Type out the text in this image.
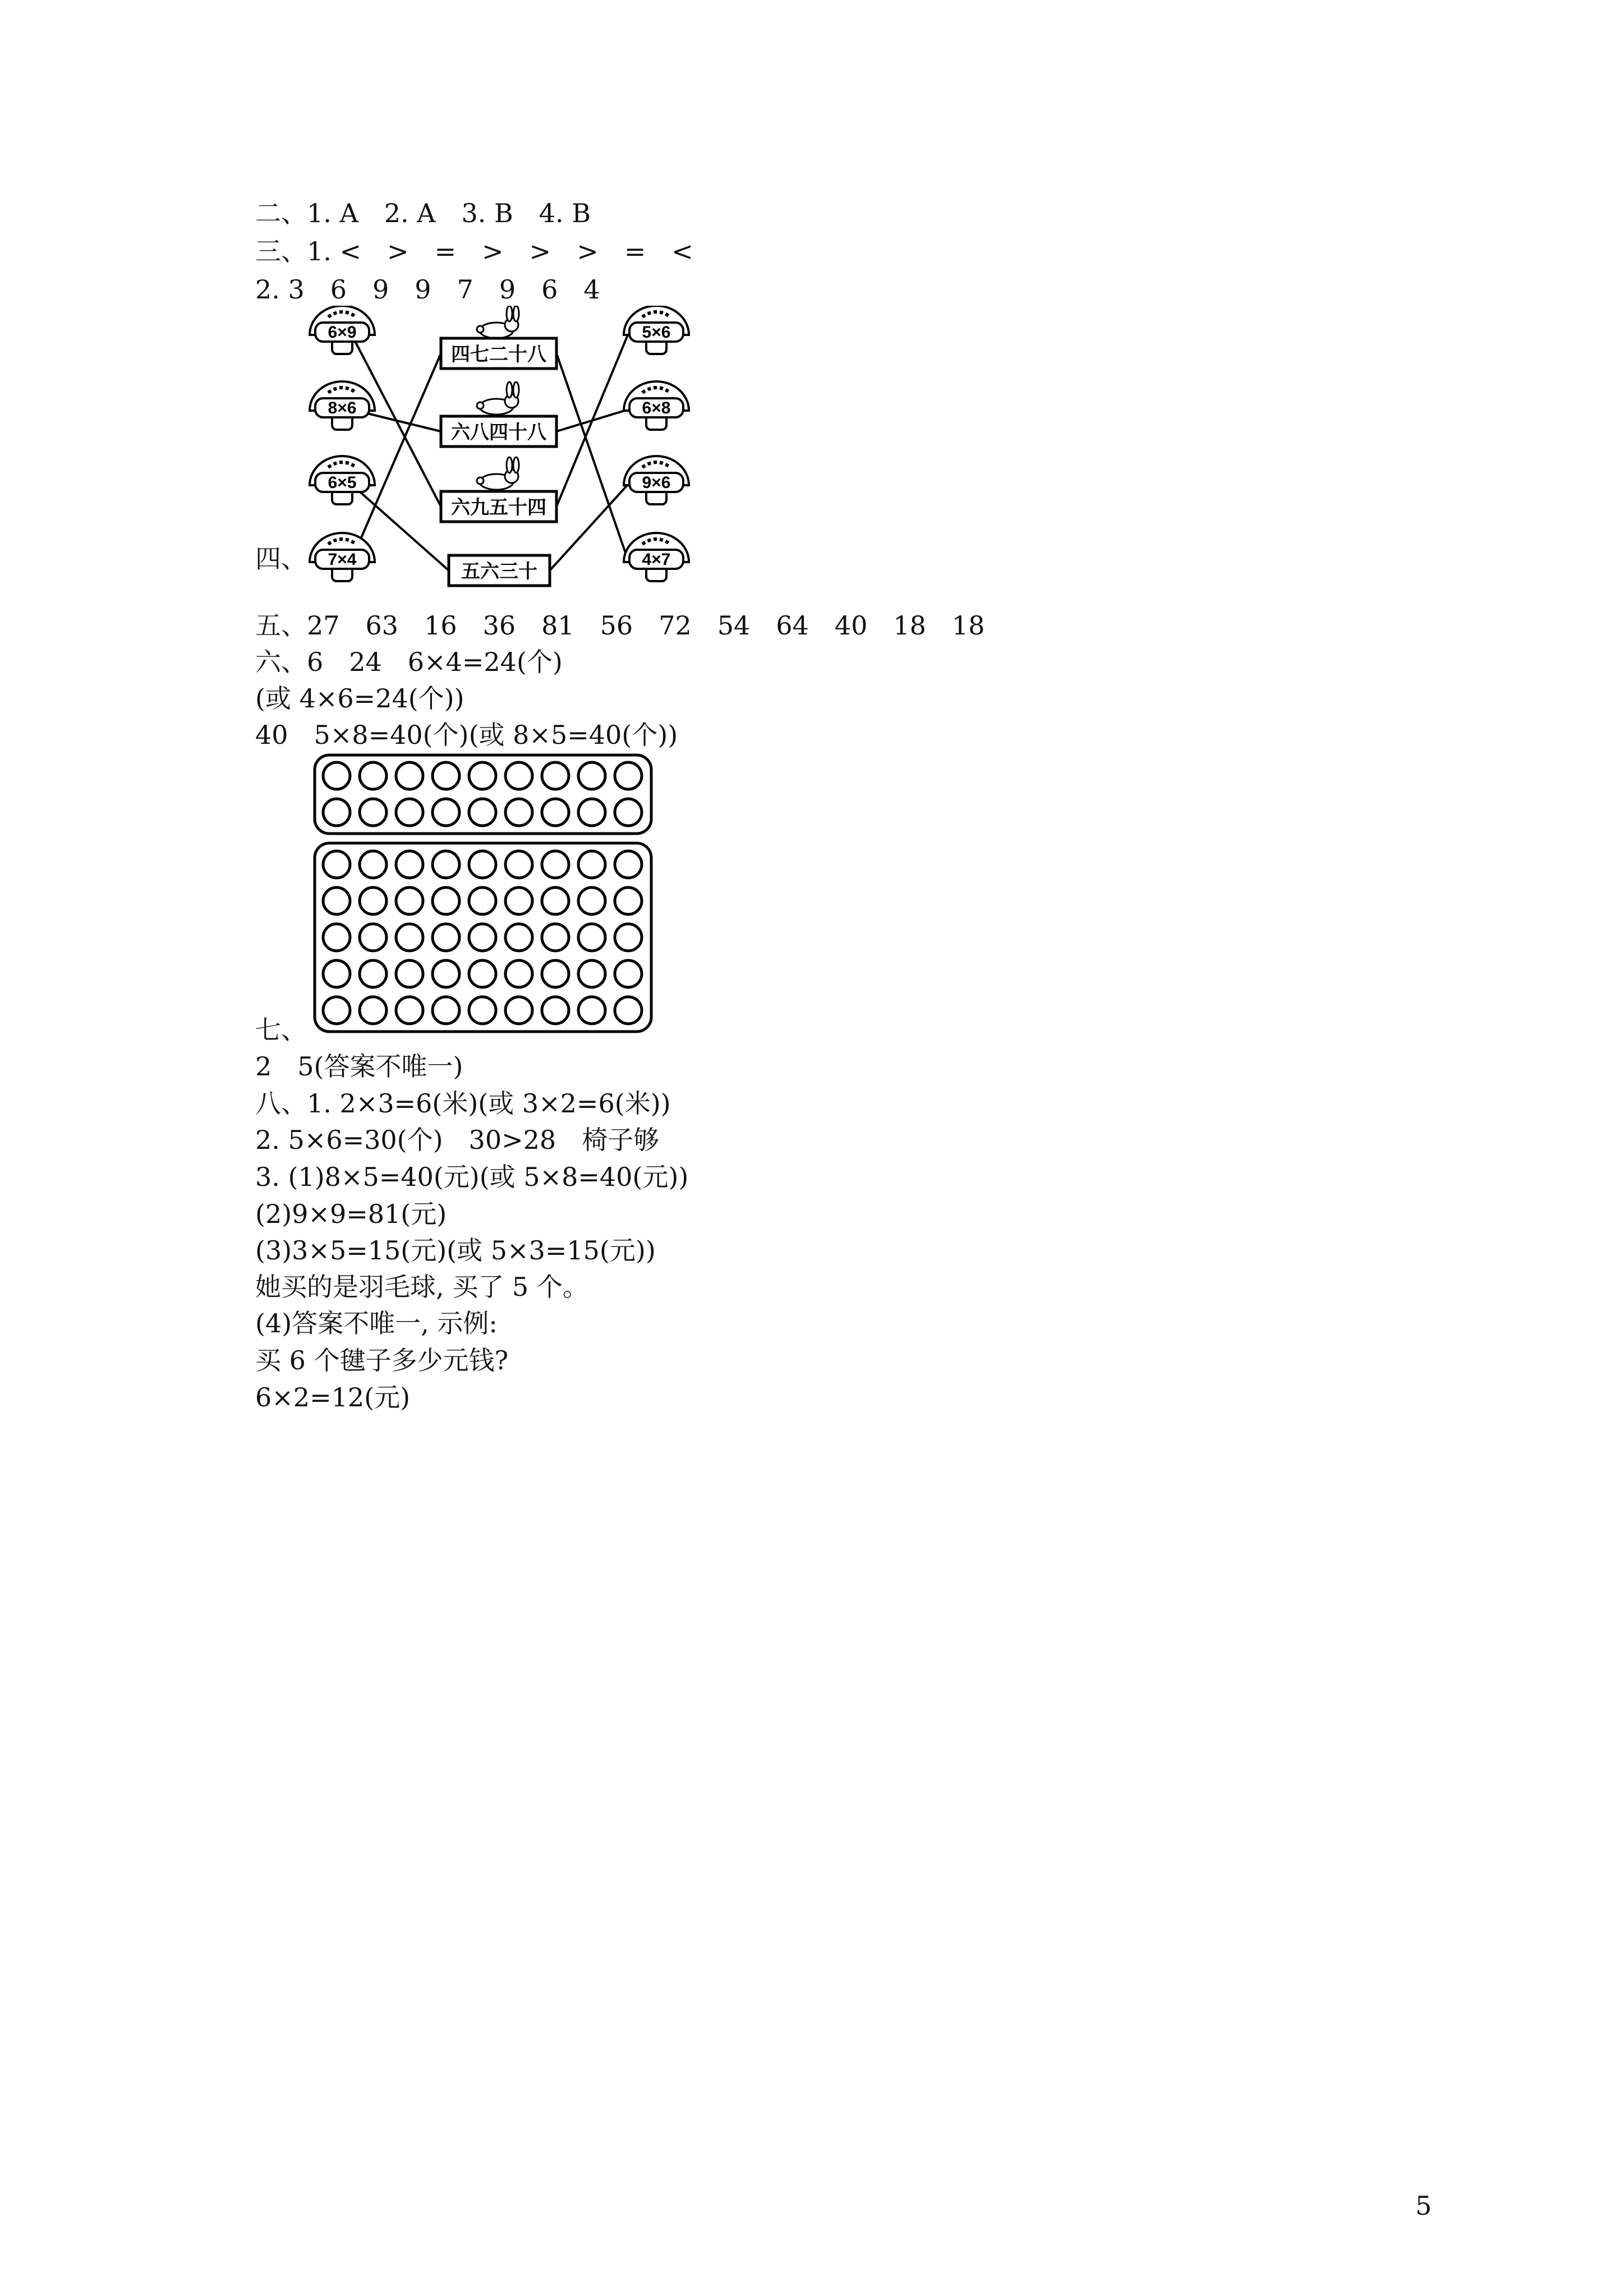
二、1. A　2. A　3. B　4. B
三、1. <　>　=　>　>　>　=　<
2. 3　6　9　9　7　9　6　4
四、
五、27　63　16　36　81　56　72　54　64　40　18　18
六、6　24　6×4=24(个)
(或 4×6=24(个))
40　5×8=40(个)(或 8×5=40(个))
七、
2　5(答案不唯一)
八、1. 2×3=6(米)(或 3×2=6(米))
2. 5×6=30(个)　30>28　椅子够
3. (1)8×5=40(元)(或 5×8=40(元))
(2)9×9=81(元)
(3)3×5=15(元)(或 5×3=15(元))
她买的是羽毛球, 买了 5 个。
(4)答案不唯一, 示例:
买 6 个毽子多少元钱?
6×2=12(元)
6×9
8×6
6×5
7×4
5×6
6×8
9×6
4×7
四七二十八
六八四十八
六九五十四
五六三十
5
